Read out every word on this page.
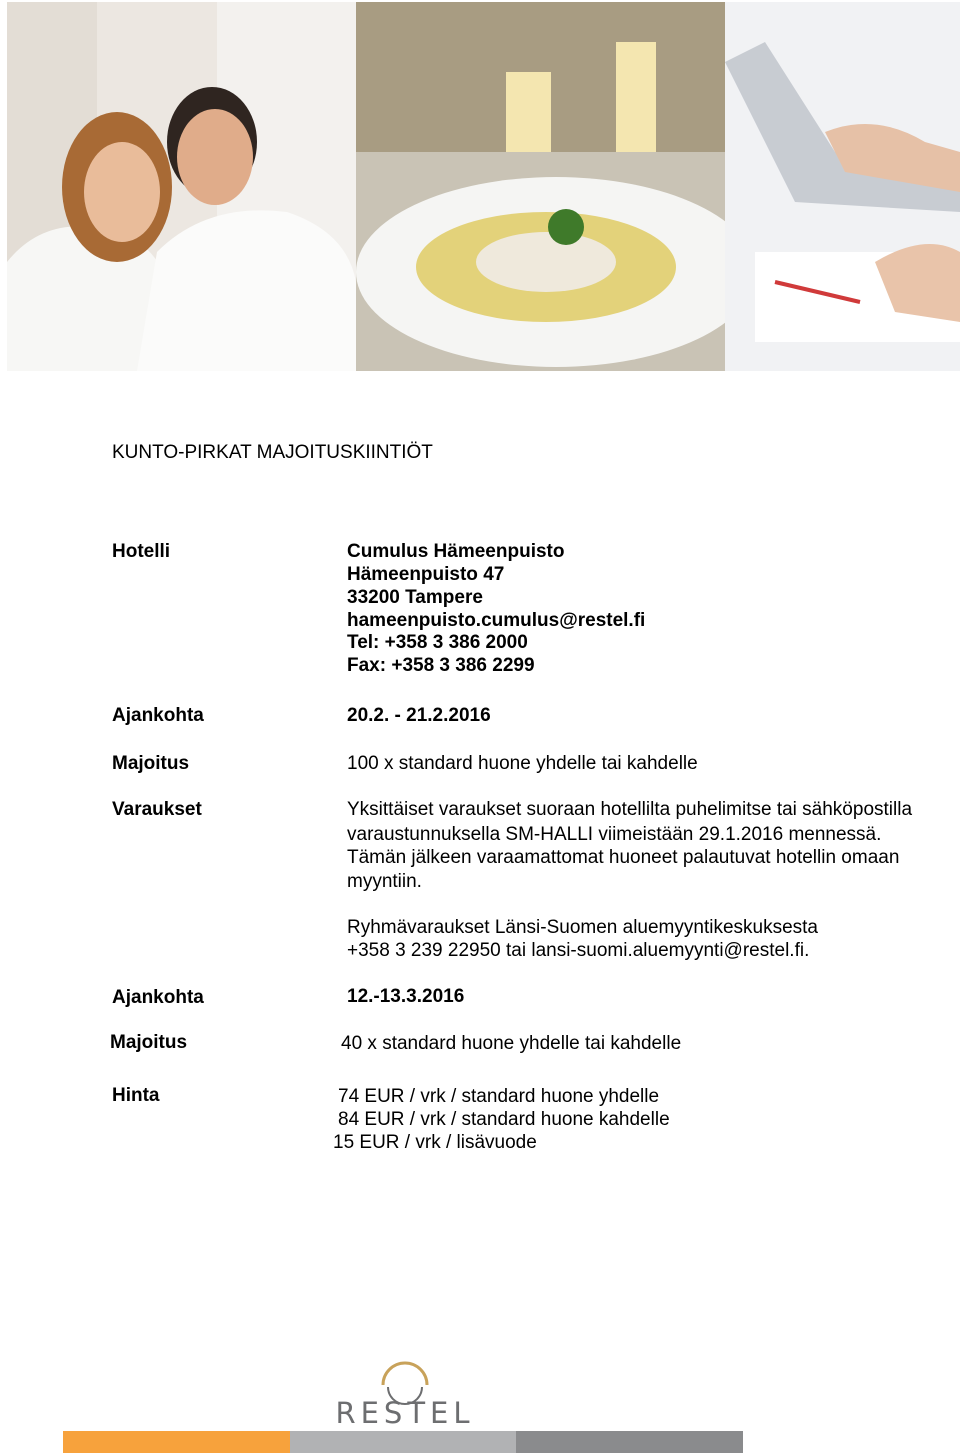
KUNTO-PIRKAT MAJOITUSKIINTIÖT
Hotelli	Cumulus Hämeenpuisto
Hämeenpuisto 47
33200 Tampere
hameenpuisto.cumulus@restel.fi
Tel: +358 3 386 2000
Fax: +358 3 386 2299
Ajankohta	20.2. - 21.2.2016
Majoitus	100 x standard huone yhdelle tai kahdelle
Varaukset	Yksittäiset varaukset suoraan hotellilta puhelimitse tai sähköpostilla
varaustunnuksella SM-HALLI viimeistään 29.1.2016 mennessä.
Tämän jälkeen varaamattomat huoneet palautuvat hotellin omaan
myyntiin.
Ryhmävaraukset Länsi-Suomen aluemyyntikeskuksesta
+358 3 239 22950 tai lansi-suomi.aluemyynti@restel.fi.
Ajankohta	12.-13.3.2016
Majoitus	40 x standard huone yhdelle tai kahdelle
Hinta	74 EUR / vrk / standard huone yhdelle
84 EUR / vrk / standard huone kahdelle
15 EUR / vrk / lisävuode
RESTEL
